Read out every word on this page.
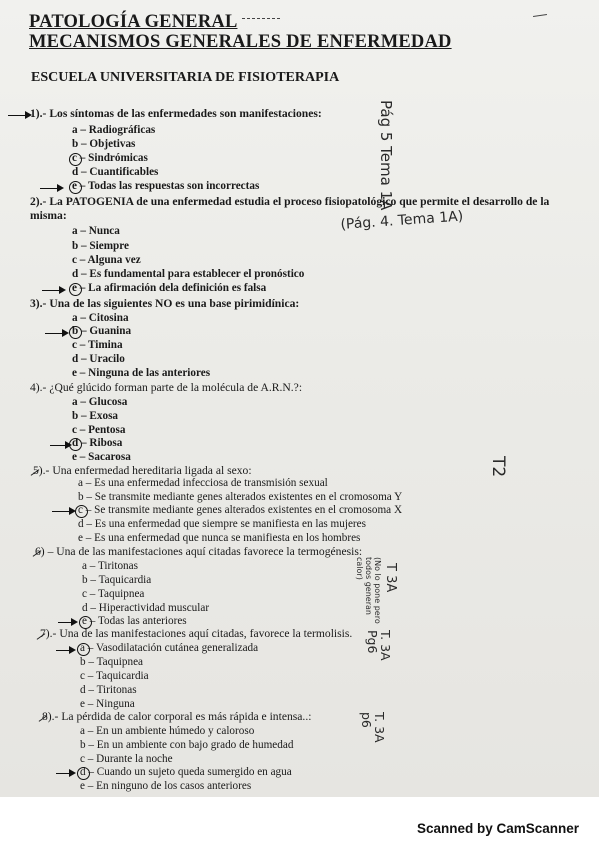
PATOLOGÍA GENERAL
MECANISMOS GENERALES DE ENFERMEDAD
ESCUELA UNIVERSITARIA DE FISIOTERAPIA
1).- Los síntomas de las enfermedades son manifestaciones:
a – Radiográficas
b – Objetivas
c – Sindrómicas
d – Cuantificables
e – Todas las respuestas son incorrectas
2).- La PATOGENIA de una enfermedad estudia el proceso fisiopatológico que permite el desarrollo de la
misma:
a – Nunca
b – Siempre
c – Alguna vez
d – Es fundamental para establecer el pronóstico
e – La afirmación dela definición es falsa
3).- Una de las siguientes NO es una base pirimidínica:
a – Citosina
b – Guanina
c – Timina
d – Uracilo
e – Ninguna de las anteriores
4).- ¿Qué glúcido forman parte de la molécula de A.R.N.?:
a – Glucosa
b – Exosa
c – Pentosa
d – Ribosa
e – Sacarosa
5).- Una enfermedad hereditaria ligada al sexo:
a – Es una enfermedad infecciosa de transmisión sexual
b – Se transmite mediante genes alterados existentes en el cromosoma Y
c – Se transmite mediante genes alterados existentes en el cromosoma X
d – Es una enfermedad que siempre se manifiesta en las mujeres
e – Es una enfermedad que nunca se manifiesta en los hombres
6) – Una de las manifestaciones aquí citadas favorece la termogénesis:
a – Tiritonas
b – Taquicardia
c – Taquipnea
d – Hiperactividad muscular
e – Todas las anteriores
7).- Una de las manifestaciones aquí citadas, favorece la termolisis.
a – Vasodilatación cutánea generalizada
b – Taquipnea
c – Taquicardia
d – Tiritonas
e – Ninguna
8).- La pérdida de calor corporal es más rápida e intensa..:
a – En un ambiente húmedo y caloroso
b – En un ambiente con bajo grado de humedad
c – Durante la noche
d – Cuando un sujeto queda sumergido en agua
e – En ninguno de los casos anteriores
Pág 5 Tema 1A
(Pág. 4. Tema 1A)
T2
T 3A
(No lo pone pero todos generan calor)
T. 3A Pg6
T. 3A p6
Scanned by CamScanner
